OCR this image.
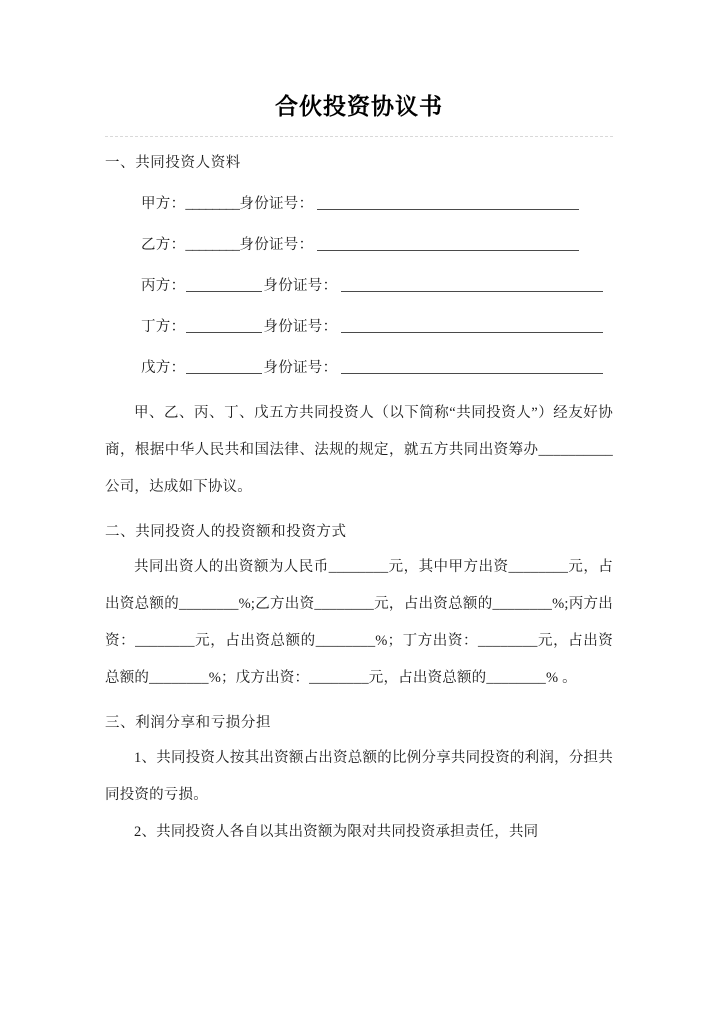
合伙投资协议书
一、共同投资人资料
甲方：________身份证号：
乙方：________身份证号：
丙方：	身份证号：
丁方：	身份证号：
戊方：	身份证号：

甲、乙、丙、丁、戊五方共同投资人（以下简称“共同投资人”）经友好协商，根据中华人民共和国法律、法规的规定，就五方共同出资筹办__________公司，达成如下协议。

二、共同投资人的投资额和投资方式

共同出资人的出资额为人民币________元，其中甲方出资________元，占出资总额的________%;乙方出资________元，占出资总额的________%;丙方出资：________元，占出资总额的________%；丁方出资：________元，占出资总额的________%；戊方出资：________元，占出资总额的________% 。

三、利润分享和亏损分担

1、共同投资人按其出资额占出资总额的比例分享共同投资的利润，分担共同投资的亏损。

2、共同投资人各自以其出资额为限对共同投资承担责任，共同
